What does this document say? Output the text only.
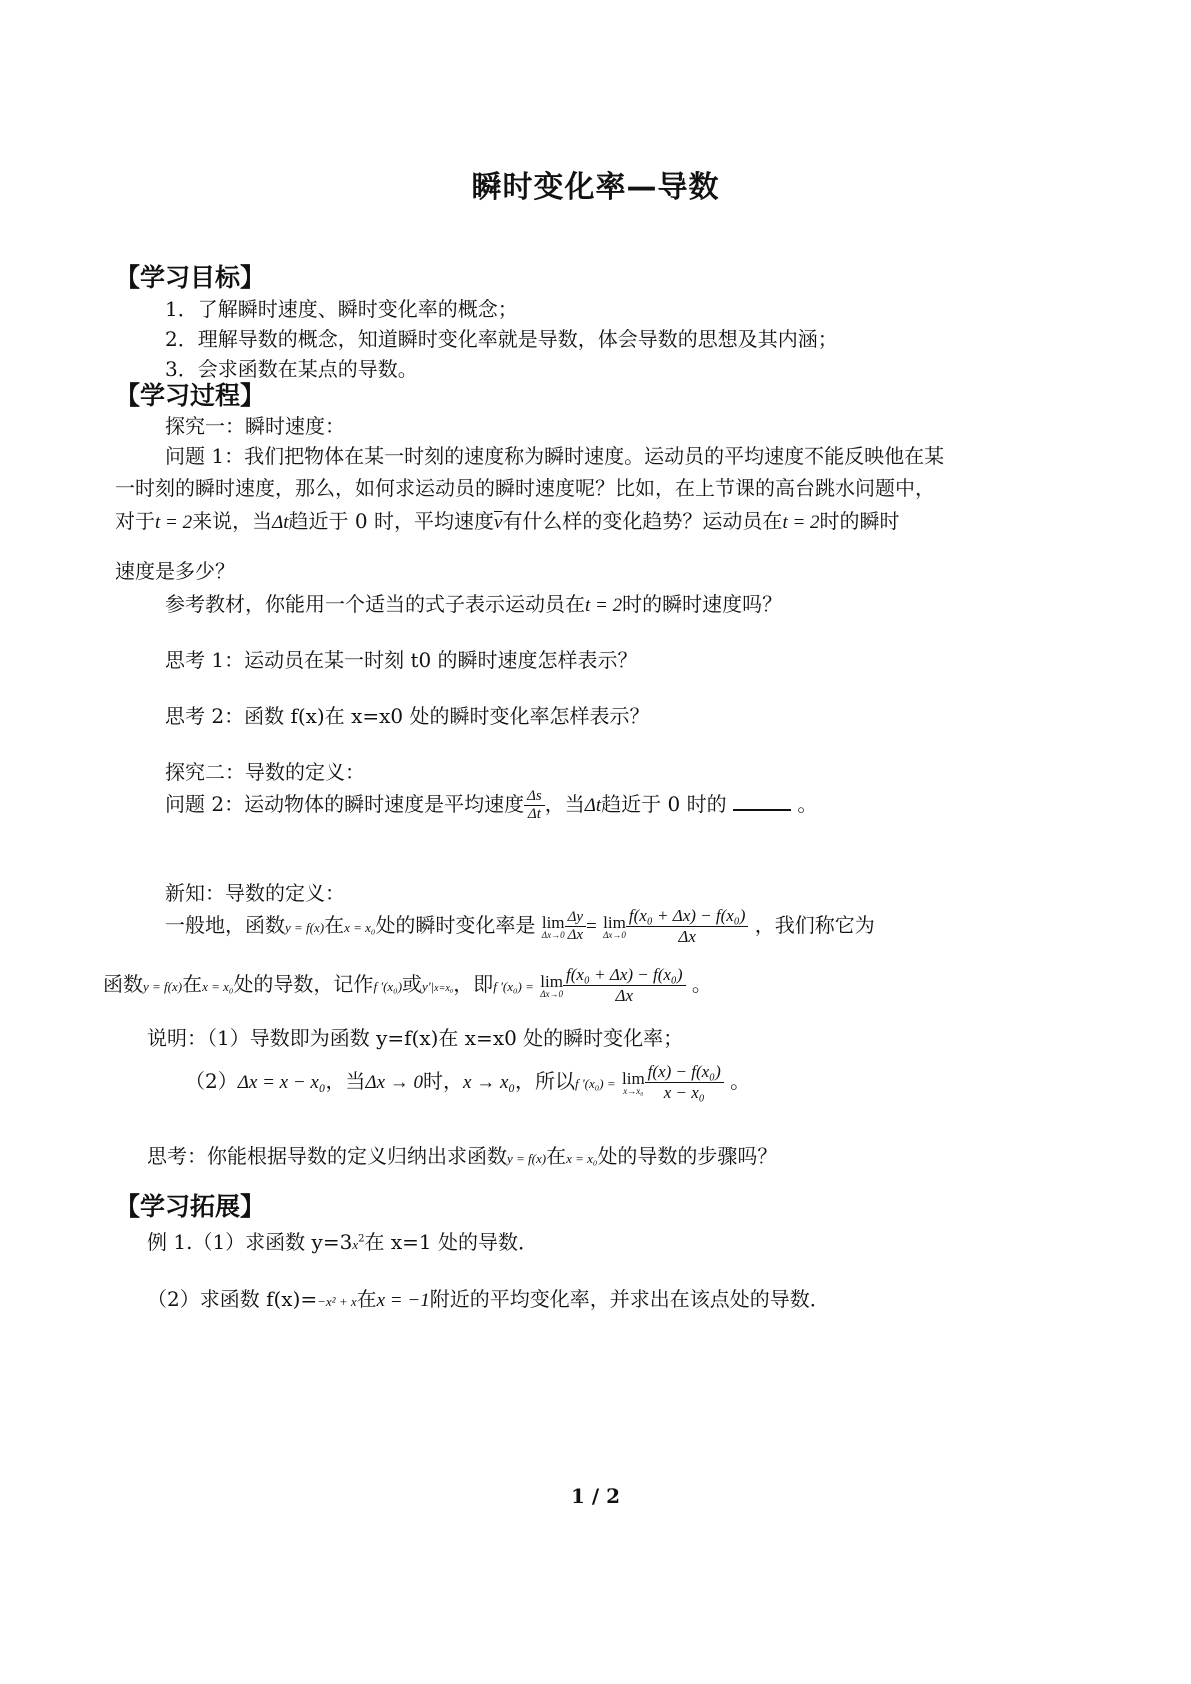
瞬时变化率—导数
【学习目标】
1．了解瞬时速度、瞬时变化率的概念；
2．理解导数的概念，知道瞬时变化率就是导数，体会导数的思想及其内涵；
3．会求函数在某点的导数。
【学习过程】
探究一：瞬时速度：
问题 1：我们把物体在某一时刻的速度称为瞬时速度。运动员的平均速度不能反映他在某
一时刻的瞬时速度，那么，如何求运动员的瞬时速度呢？比如，在上节课的高台跳水问题中，
对于t = 2来说，当Δt趋近于 0 时，平均速度$\overline{v}$有什么样的变化趋势？运动员在t = 2时的瞬时
速度是多少？
参考教材，你能用一个适当的式子表示运动员在t = 2时的瞬时速度吗？
思考 1：运动员在某一时刻 t0 的瞬时速度怎样表示？
思考 2：函数 f(x)在 x=x0 处的瞬时变化率怎样表示？
探究二：导数的定义：
问题 2：运动物体的瞬时速度是平均速度 $\frac{\Delta s}{\Delta t}$ ，当Δt趋近于 0 时的	。
新知：导数的定义：
一般地，函数y = f(x)在x = x₀处的瞬时变化率是 lim
$\Delta x\to 0 \frac{\Delta y}{\Delta x} = \lim$
$\Delta x\to 0 \frac{\text{f(x₀ + Δx) − f(x₀)}}{\Delta x}$ ，我们称它为
函数y = f(x)在x = x₀处的导数，记作f '(x₀)或y'|x=x₀，即f '(x₀) = lim
$\Delta x\to 0 \frac{\text{f(x₀ + Δx) − f(x₀)}}{\Delta x}$ 。
说明：（1）导数即为函数 y=f(x)在 x=x0 处的瞬时变化率；
（2）Δx = x − x₀，当Δx → 0时，x → x₀，所以f '(x₀) = lim
$x\to x_0 \frac{\text{f(x) − f(x₀)}}{\text{x − x₀}}$ 。
思考：你能根据导数的定义归纳出求函数y = f(x)在x = x₀处的导数的步骤吗？
【学习拓展】
例 1.（1）求函数 $y=3x^2$在 x=1 处的导数．
（2）求函数 f(x)=−x² + x在x = −1附近的平均变化率，并求出在该点处的导数．
1 / 2
